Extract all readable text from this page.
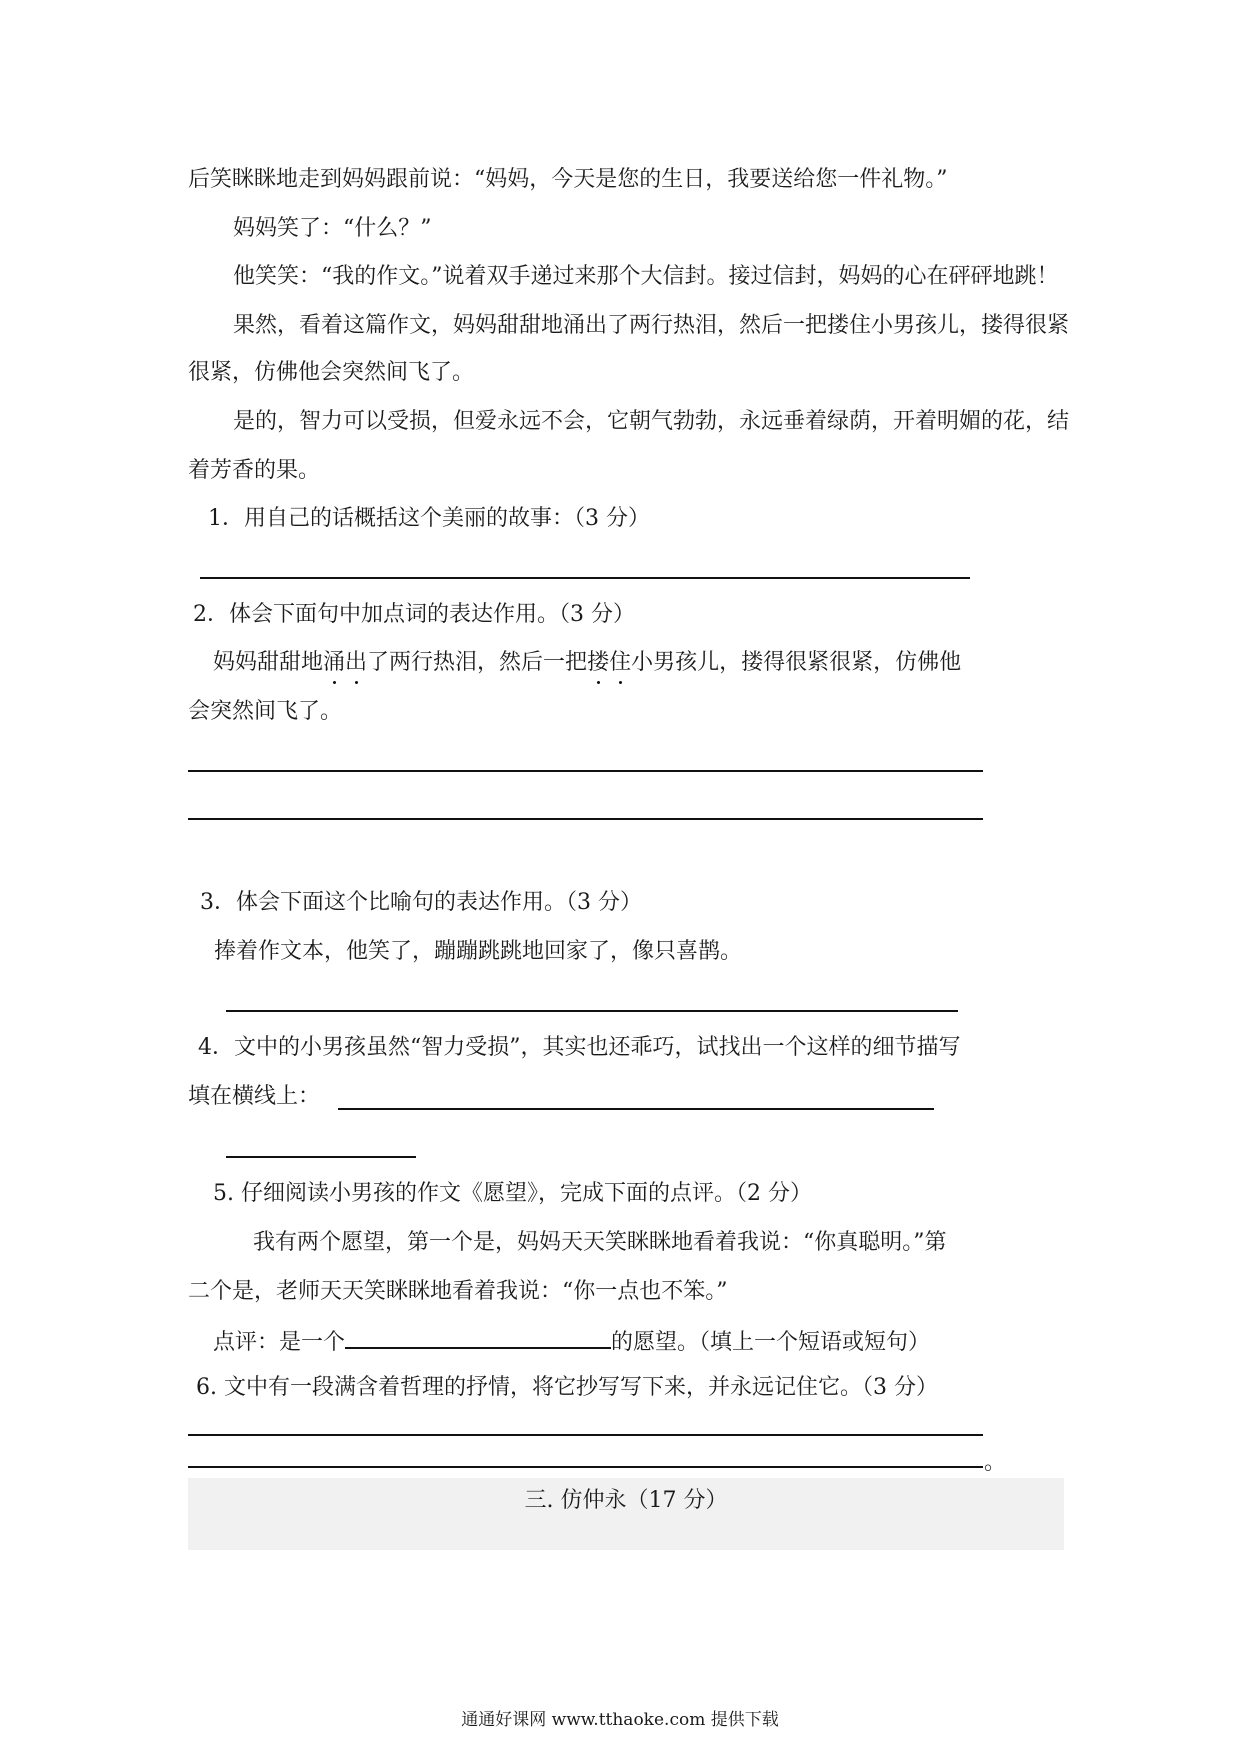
后笑眯眯地走到妈妈跟前说：“妈妈，今天是您的生日，我要送给您一件礼物。”
妈妈笑了：“什么？”
他笑笑：“我的作文。”说着双手递过来那个大信封。接过信封，妈妈的心在砰砰地跳！
果然，看着这篇作文，妈妈甜甜地涌出了两行热泪，然后一把搂住小男孩儿，搂得很紧
很紧，仿佛他会突然间飞了。
是的，智力可以受损，但爱永远不会，它朝气勃勃，永远垂着绿荫，开着明媚的花，结
着芳香的果。
1．用自己的话概括这个美丽的故事：（3 分）
2．体会下面句中加点词的表达作用。（3 分）
妈妈甜甜地涌出了两行热泪，然后一把搂住小男孩儿，搂得很紧很紧，仿佛他
会突然间飞了。
3．体会下面这个比喻句的表达作用。（3 分）
捧着作文本，他笑了，蹦蹦跳跳地回家了，像只喜鹊。
4．文中的小男孩虽然“智力受损”，其实也还乖巧，试找出一个这样的细节描写
填在横线上：
5. 仔细阅读小男孩的作文《愿望》，完成下面的点评。（2 分）
我有两个愿望，第一个是，妈妈天天笑眯眯地看着我说：“你真聪明。”第
二个是，老师天天笑眯眯地看着我说：“你一点也不笨。”
点评：是一个	的愿望。（填上一个短语或短句）
6. 文中有一段满含着哲理的抒情，将它抄写写下来，并永远记住它。（3 分）
。
三. 仿仲永（17 分）
通通好课网 www.tthaoke.com 提供下载
